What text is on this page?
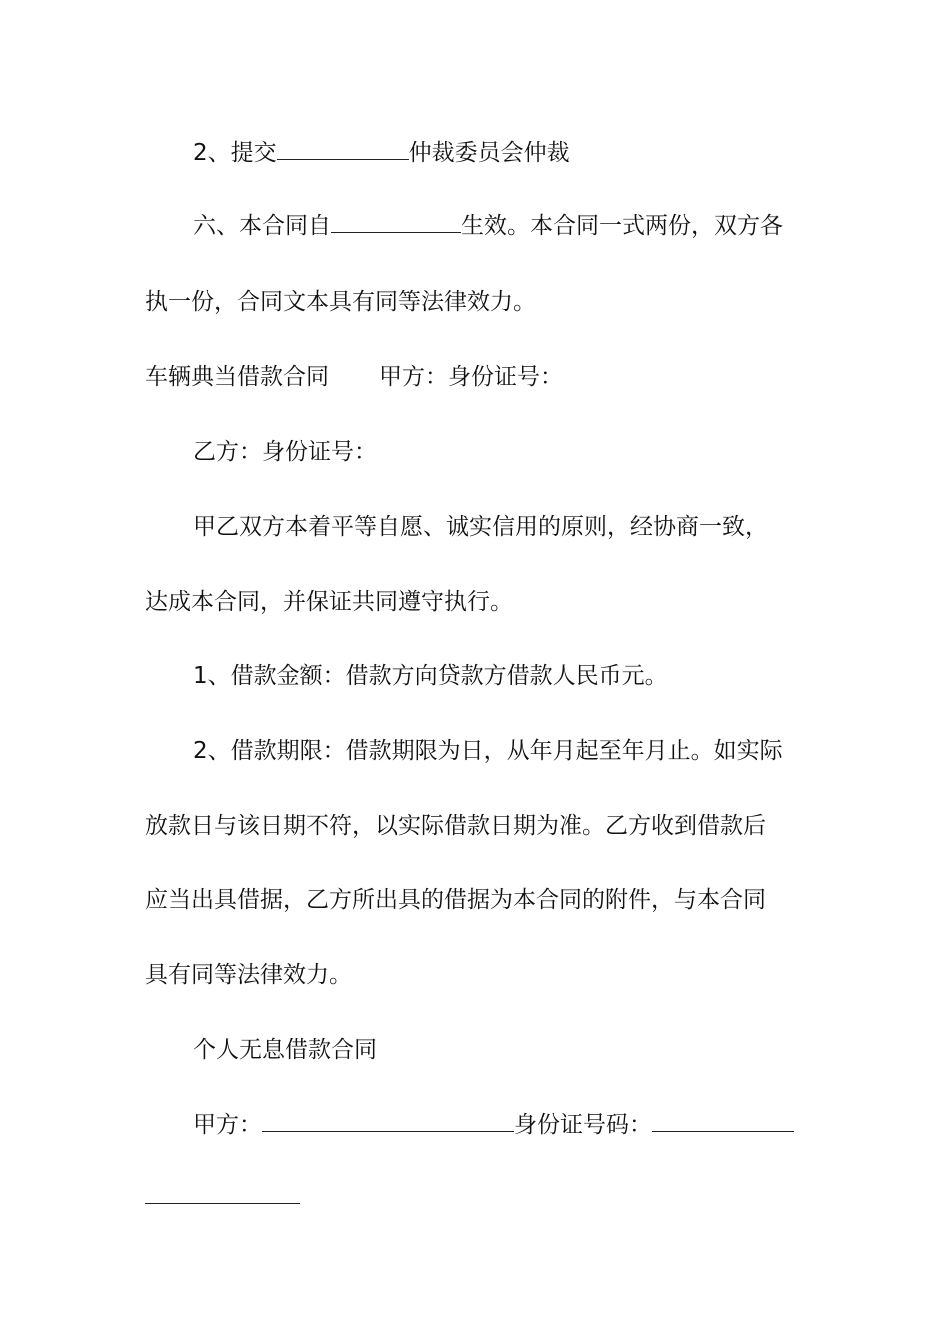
2、提交	仲裁委员会仲裁
六、本合同自	生效。本合同一式两份，双方各
执一份，合同文本具有同等法律效力。
车辆典当借款合同 甲方：身份证号：
乙方：身份证号：
甲乙双方本着平等自愿、诚实信用的原则，经协商一致，
达成本合同，并保证共同遵守执行。
1、借款金额：借款方向贷款方借款人民币元。
2、借款期限：借款期限为日，从年月起至年月止。如实际
放款日与该日期不符，以实际借款日期为准。乙方收到借款后
应当出具借据，乙方所出具的借据为本合同的附件，与本合同
具有同等法律效力。
个人无息借款合同
甲方：	身份证号码：
